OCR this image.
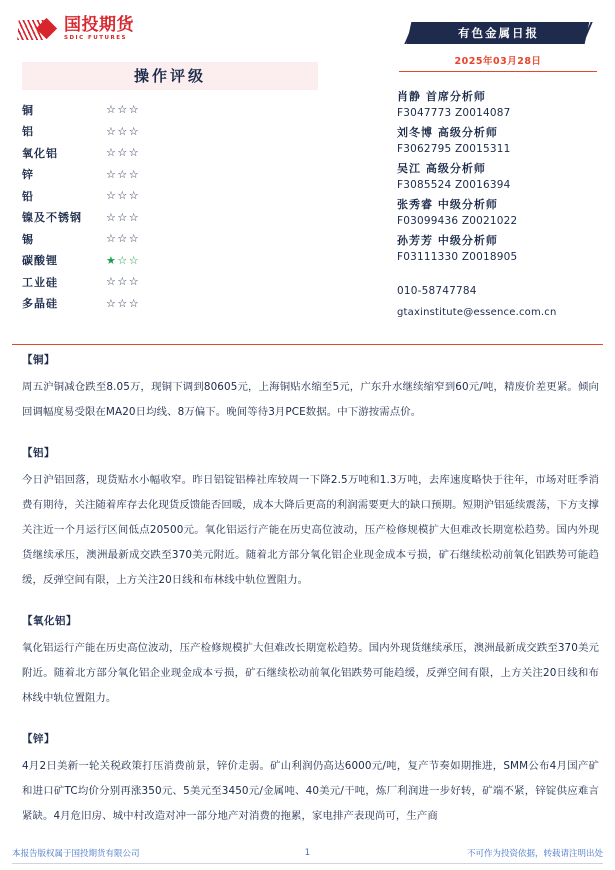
国投期货
SDIC FUTURES	有色金属日报
2025年03月28日
操作评级
铜	☆☆☆
铝	☆☆☆
氧化铝	☆☆☆
锌	☆☆☆
铅	☆☆☆
镍及不锈钢	☆☆☆
锡	☆☆☆
碳酸锂	★☆☆
工业硅	☆☆☆
多晶硅	☆☆☆
肖静 首席分析师
F3047773 Z0014087
刘冬博 高级分析师
F3062795 Z0015311
吴江 高级分析师
F3085524 Z0016394
张秀睿 中级分析师
F03099436 Z0021022
孙芳芳 中级分析师
F03111330 Z0018905
010-58747784
gtaxinstitute@essence.com.cn
【铜】
周五沪铜减仓跌至8.05万，现铜下调到80605元，上海铜贴水缩至5元，广东升水继续缩窄到60元/吨，精废价差更紧。倾向回调幅度易受限在MA20日均线、8万偏下。晚间等待3月PCE数据。中下游按需点价。
【铝】
今日沪铝回落，现货贴水小幅收窄。昨日铝锭铝棒社库较周一下降2.5万吨和1.3万吨，去库速度略快于往年，市场对旺季消费有期待，关注随着库存去化现货反馈能否回暖，成本大降后更高的利润需要更大的缺口预期。短期沪铝延续震荡，下方支撑关注近一个月运行区间低点20500元。氧化铝运行产能在历史高位波动，压产检修规模扩大但难改长期宽松趋势。国内外现货继续承压，澳洲最新成交跌至370美元附近。随着北方部分氧化铝企业现金成本亏损，矿石继续松动前氧化铝跌势可能趋缓，反弹空间有限，上方关注20日线和布林线中轨位置阻力。
【氧化铝】
氧化铝运行产能在历史高位波动，压产检修规模扩大但难改长期宽松趋势。国内外现货继续承压，澳洲最新成交跌至370美元附近。随着北方部分氧化铝企业现金成本亏损，矿石继续松动前氧化铝跌势可能趋缓，反弹空间有限，上方关注20日线和布林线中轨位置阻力。
【锌】
4月2日美新一轮关税政策打压消费前景，锌价走弱。矿山利润仍高达6000元/吨，复产节奏如期推进，SMM公布4月国产矿和进口矿TC均价分别再涨350元、5美元至3450元/金属吨、40美元/干吨，炼厂利润进一步好转，矿端不紧，锌锭供应难言紧缺。4月危旧房、城中村改造对冲一部分地产对消费的拖累，家电排产表现尚可，生产商
本报告版权属于国投期货有限公司	1	不可作为投资依据，转载请注明出处
